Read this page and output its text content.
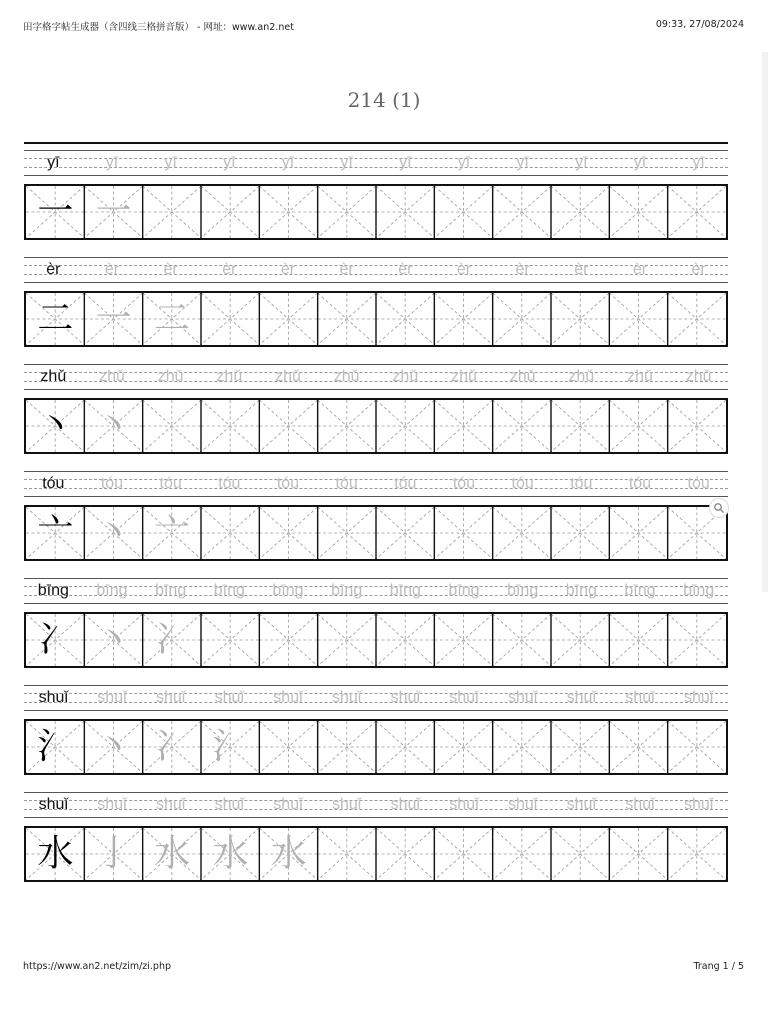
田字格字帖生成器（含四线三格拼音版） - 网址：www.an2.net	09:33, 27/08/2024
214 (1)
yī	yī	yī	yī	yī	yī	yī	yī	yī	yī	yī	yī
一 一
èr	èr	èr	èr	èr	èr	èr	èr	èr	èr	èr	èr
二 一 二
zhǔ	zhǔ	zhǔ	zhǔ	zhǔ	zhǔ	zhǔ	zhǔ	zhǔ	zhǔ	zhǔ	zhǔ
丶 丶
tóu	tóu	tóu	tóu	tóu	tóu	tóu	tóu	tóu	tóu	tóu	tóu
亠 丶 亠
bīng	bīng	bīng	bīng	bīng	bīng	bīng	bīng	bīng	bīng	bīng	bīng
冫 丶 冫
shuǐ	shuǐ	shuǐ	shuǐ	shuǐ	shuǐ	shuǐ	shuǐ	shuǐ	shuǐ	shuǐ	shuǐ
氵 丶 冫 氵
shuǐ	shuǐ	shuǐ	shuǐ	shuǐ	shuǐ	shuǐ	shuǐ	shuǐ	shuǐ	shuǐ	shuǐ
水 亅 水 水 水
https://www.an2.net/zim/zi.php	Trang 1 / 5
